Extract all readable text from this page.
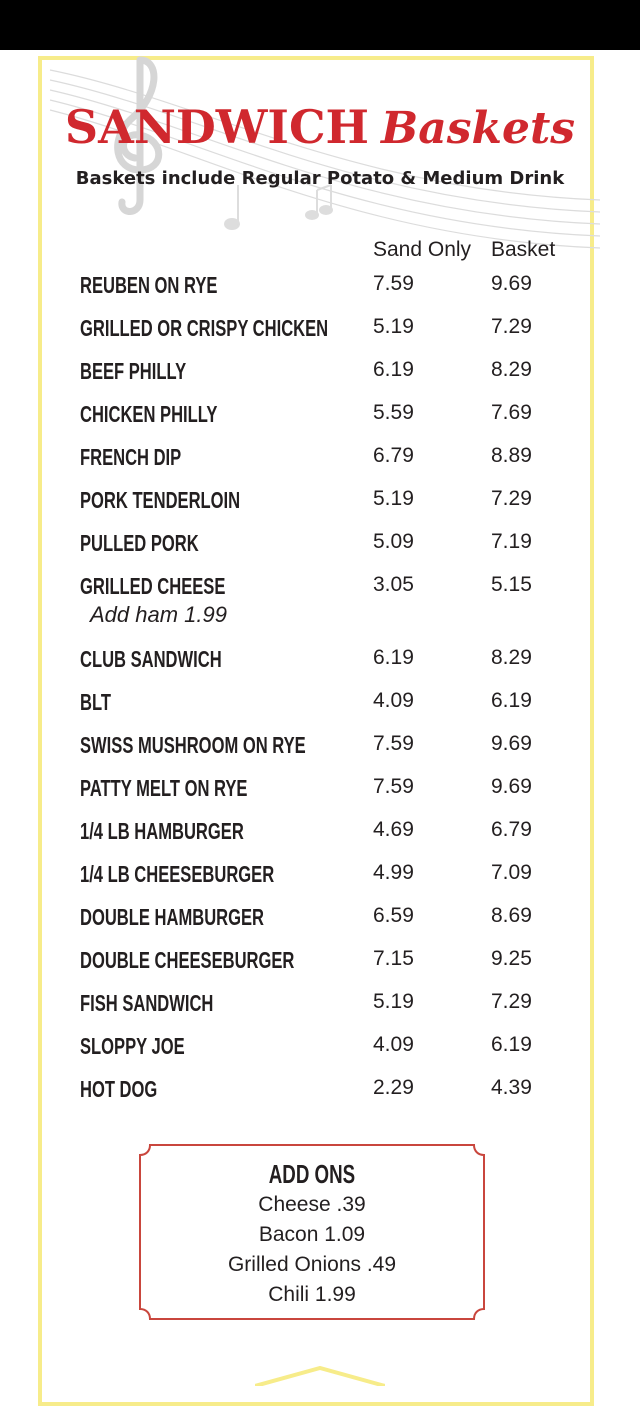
SANDWICH Baskets
Baskets include Regular Potato & Medium Drink
Sand Only Basket
REUBEN ON RYE	7.59	9.69
GRILLED OR CRISPY CHICKEN 5.19	7.29
BEEF PHILLY	6.19	8.29
CHICKEN PHILLY	5.59	7.69
FRENCH DIP	6.79	8.89
PORK TENDERLOIN	5.19	7.29
PULLED PORK	5.09	7.19
GRILLED CHEESE	3.05	5.15
CLUB SANDWICH	6.19	8.29
BLT	4.09	6.19
SWISS MUSHROOM ON RYE	7.59	9.69
PATTY MELT ON RYE	7.59	9.69
1/4 LB HAMBURGER	4.69	6.79
1/4 LB CHEESEBURGER	4.99	7.09
DOUBLE HAMBURGER	6.59	8.69
DOUBLE CHEESEBURGER	7.15	9.25
FISH SANDWICH	5.19	7.29
SLOPPY JOE	4.09	6.19
HOT DOG	2.29	4.39
Add ham 1.99
ADD ONS
Cheese .39
Bacon 1.09
Grilled Onions .49
Chili 1.99
